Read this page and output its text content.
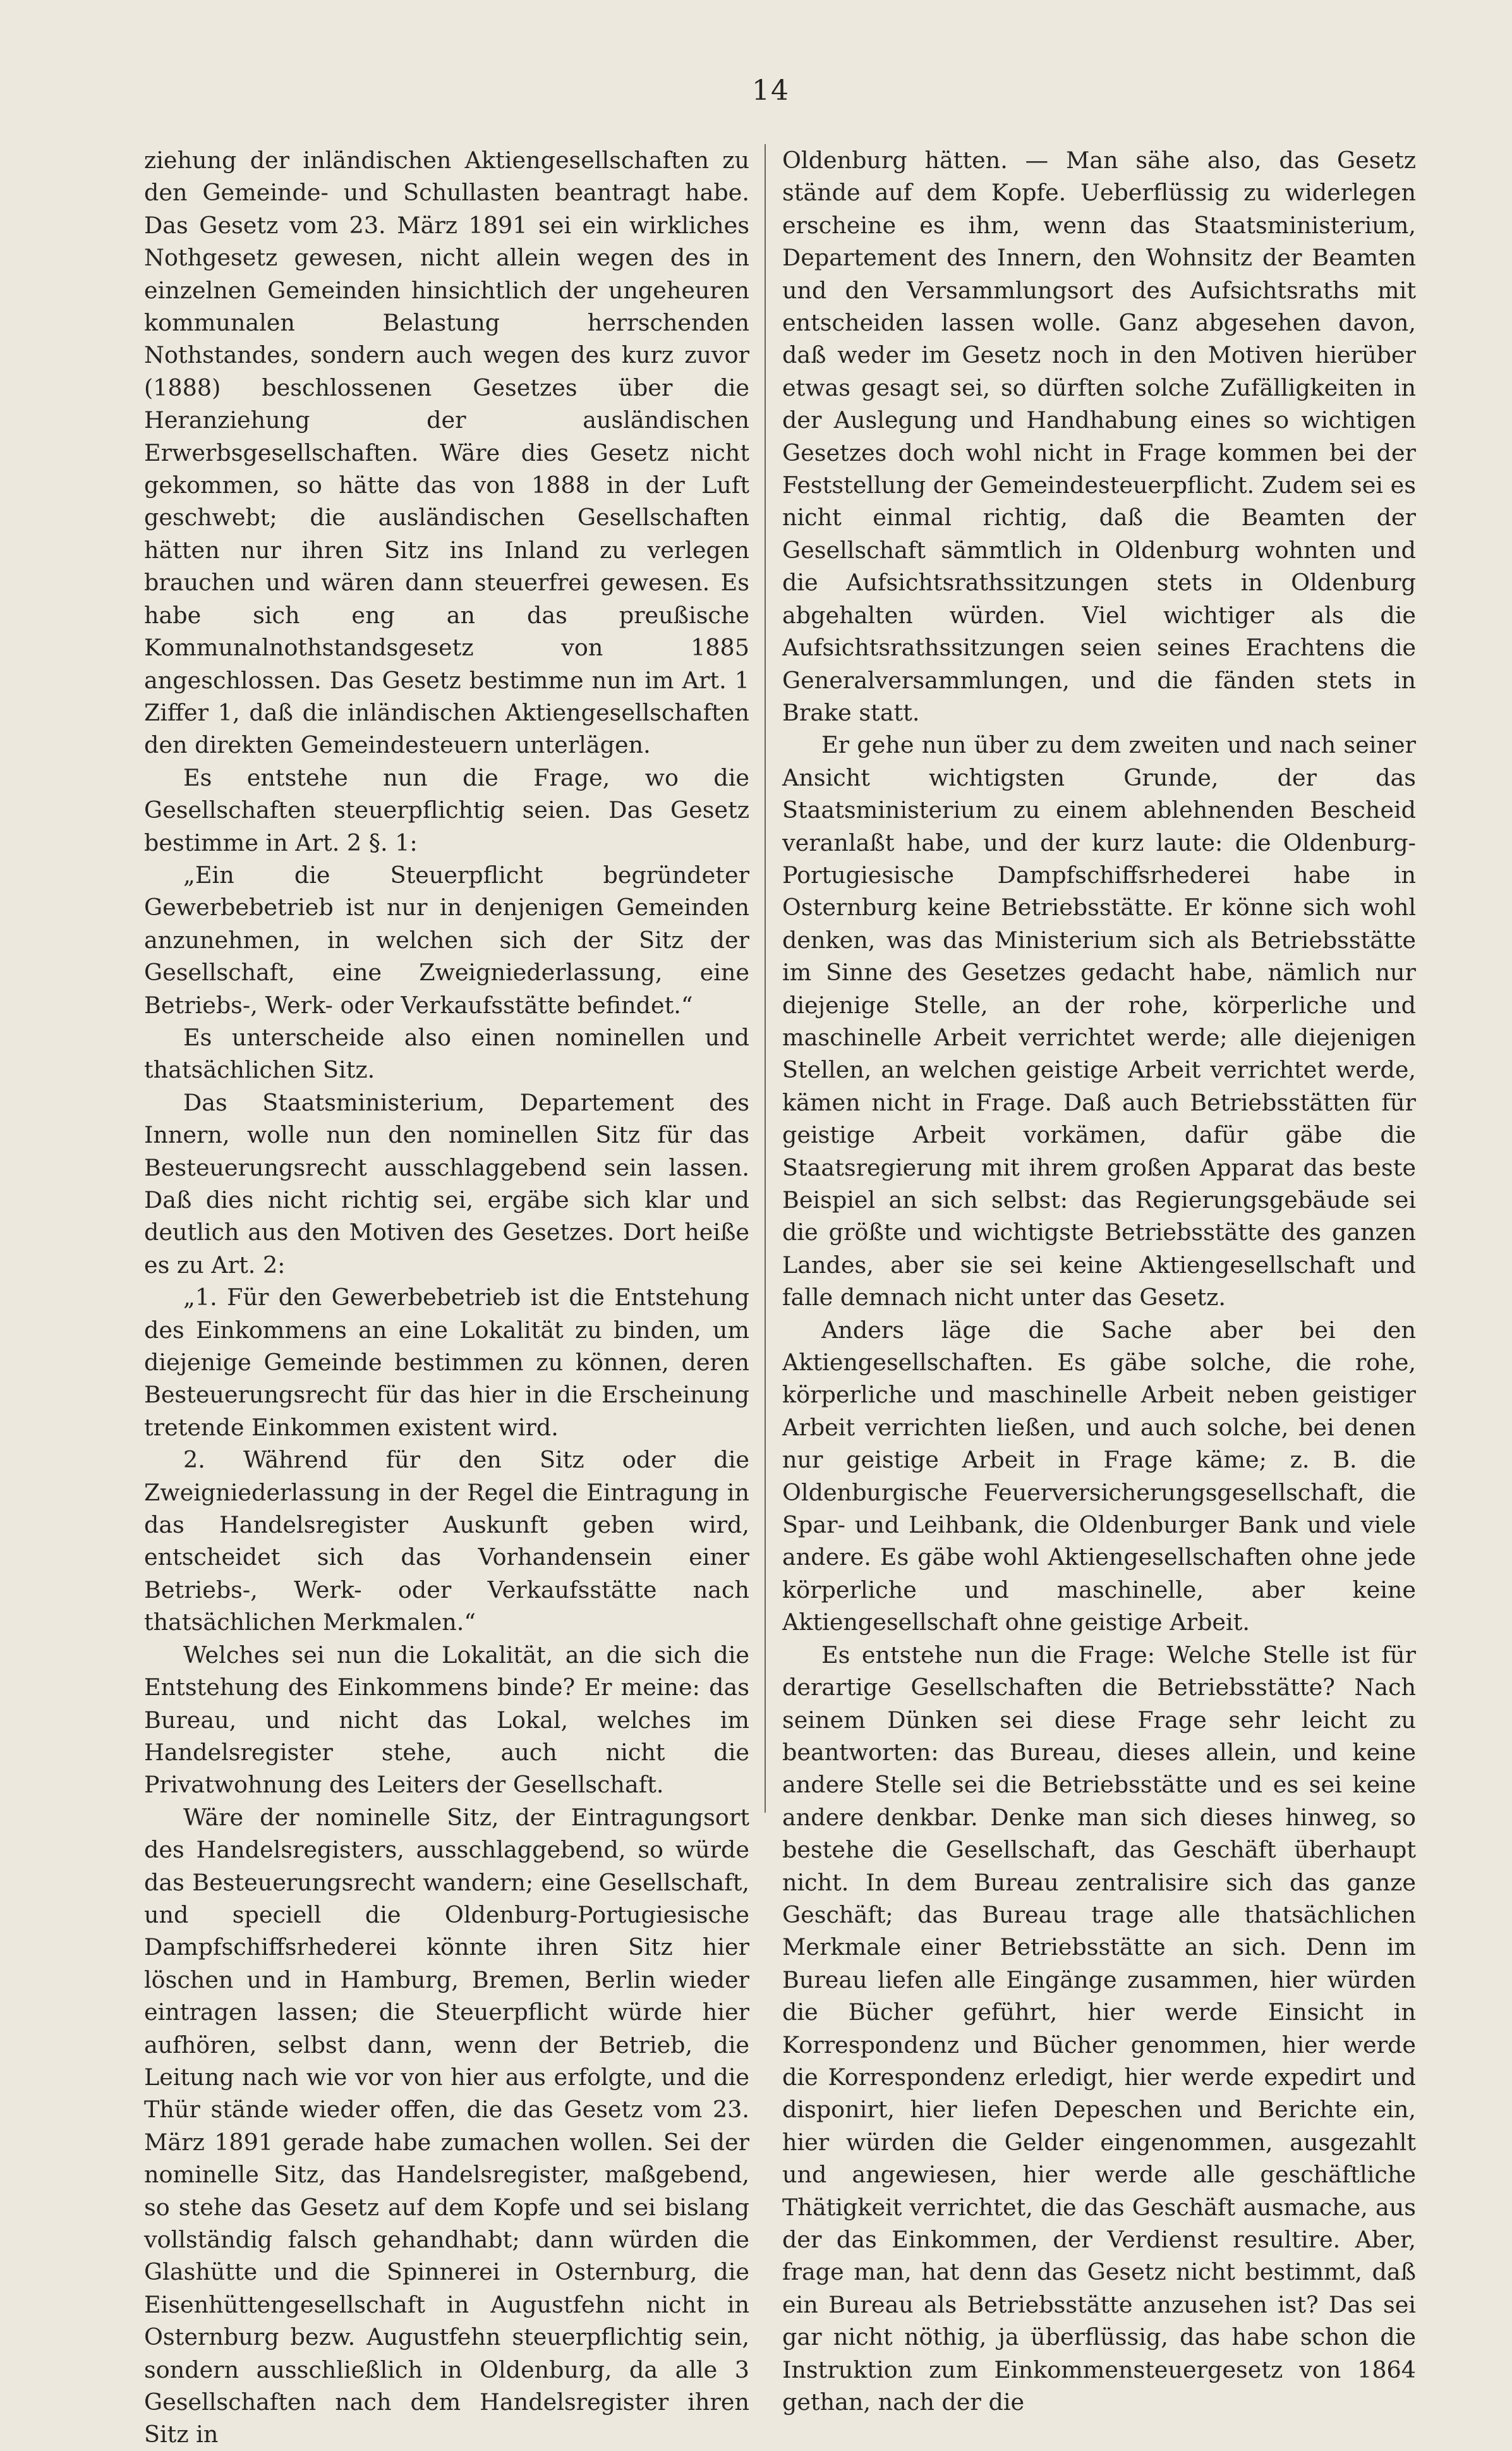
14

ziehung der inländischen Aktiengesellschaften zu den Gemeinde- und Schullasten beantragt habe. Das Gesetz vom 23. März 1891 sei ein wirkliches Nothgesetz gewesen, nicht allein wegen des in einzelnen Gemeinden hinsichtlich der ungeheuren kommunalen Belastung herrschenden Nothstandes, sondern auch wegen des kurz zuvor (1888) beschlossenen Gesetzes über die Heranziehung der ausländischen Erwerbsgesellschaften. Wäre dies Gesetz nicht gekommen, so hätte das von 1888 in der Luft geschwebt; die ausländischen Gesellschaften hätten nur ihren Sitz ins Inland zu verlegen brauchen und wären dann steuerfrei gewesen. Es habe sich eng an das preußische Kommunalnothstandsgesetz von 1885 angeschlossen. Das Gesetz bestimme nun im Art. 1 Ziffer 1, daß die inländischen Aktiengesellschaften den direkten Gemeindesteuern unterlägen.

Es entstehe nun die Frage, wo die Gesellschaften steuerpflichtig seien. Das Gesetz bestimme in Art. 2 §. 1:

„Ein die Steuerpflicht begründeter Gewerbebetrieb ist nur in denjenigen Gemeinden anzunehmen, in welchen sich der Sitz der Gesellschaft, eine Zweigniederlassung, eine Betriebs-, Werk- oder Verkaufsstätte befindet.“

Es unterscheide also einen nominellen und thatsächlichen Sitz.

Das Staatsministerium, Departement des Innern, wolle nun den nominellen Sitz für das Besteuerungsrecht ausschlaggebend sein lassen. Daß dies nicht richtig sei, ergäbe sich klar und deutlich aus den Motiven des Gesetzes. Dort heiße es zu Art. 2:

„1. Für den Gewerbebetrieb ist die Entstehung des Einkommens an eine Lokalität zu binden, um diejenige Gemeinde bestimmen zu können, deren Besteuerungsrecht für das hier in die Erscheinung tretende Einkommen existent wird.

2. Während für den Sitz oder die Zweigniederlassung in der Regel die Eintragung in das Handelsregister Auskunft geben wird, entscheidet sich das Vorhandensein einer Betriebs-, Werk- oder Verkaufsstätte nach thatsächlichen Merkmalen.“

Welches sei nun die Lokalität, an die sich die Entstehung des Einkommens binde? Er meine: das Bureau, und nicht das Lokal, welches im Handelsregister stehe, auch nicht die Privatwohnung des Leiters der Gesellschaft.

Wäre der nominelle Sitz, der Eintragungsort des Handelsregisters, ausschlaggebend, so würde das Besteuerungsrecht wandern; eine Gesellschaft, und speciell die Oldenburg-Portugiesische Dampfschiffsrhederei könnte ihren Sitz hier löschen und in Hamburg, Bremen, Berlin wieder eintragen lassen; die Steuerpflicht würde hier aufhören, selbst dann, wenn der Betrieb, die Leitung nach wie vor von hier aus erfolgte, und die Thür stände wieder offen, die das Gesetz vom 23. März 1891 gerade habe zumachen wollen. Sei der nominelle Sitz, das Handelsregister, maßgebend, so stehe das Gesetz auf dem Kopfe und sei bislang vollständig falsch gehandhabt; dann würden die Glashütte und die Spinnerei in Osternburg, die Eisenhüttengesellschaft in Augustfehn nicht in Osternburg bezw. Augustfehn steuerpflichtig sein, sondern ausschließlich in Oldenburg, da alle 3 Gesellschaften nach dem Handelsregister ihren Sitz in

Oldenburg hätten. — Man sähe also, das Gesetz stände auf dem Kopfe. Ueberflüssig zu widerlegen erscheine es ihm, wenn das Staatsministerium, Departement des Innern, den Wohnsitz der Beamten und den Versammlungsort des Aufsichtsraths mit entscheiden lassen wolle. Ganz abgesehen davon, daß weder im Gesetz noch in den Motiven hierüber etwas gesagt sei, so dürften solche Zufälligkeiten in der Auslegung und Handhabung eines so wichtigen Gesetzes doch wohl nicht in Frage kommen bei der Feststellung der Gemeindesteuerpflicht. Zudem sei es nicht einmal richtig, daß die Beamten der Gesellschaft sämmtlich in Oldenburg wohnten und die Aufsichtsrathssitzungen stets in Oldenburg abgehalten würden. Viel wichtiger als die Aufsichtsrathssitzungen seien seines Erachtens die Generalversammlungen, und die fänden stets in Brake statt.

Er gehe nun über zu dem zweiten und nach seiner Ansicht wichtigsten Grunde, der das Staatsministerium zu einem ablehnenden Bescheid veranlaßt habe, und der kurz laute: die Oldenburg-Portugiesische Dampfschiffsrhederei habe in Osternburg keine Betriebsstätte. Er könne sich wohl denken, was das Ministerium sich als Betriebsstätte im Sinne des Gesetzes gedacht habe, nämlich nur diejenige Stelle, an der rohe, körperliche und maschinelle Arbeit verrichtet werde; alle diejenigen Stellen, an welchen geistige Arbeit verrichtet werde, kämen nicht in Frage. Daß auch Betriebsstätten für geistige Arbeit vorkämen, dafür gäbe die Staatsregierung mit ihrem großen Apparat das beste Beispiel an sich selbst: das Regierungsgebäude sei die größte und wichtigste Betriebsstätte des ganzen Landes, aber sie sei keine Aktiengesellschaft und falle demnach nicht unter das Gesetz.

Anders läge die Sache aber bei den Aktiengesellschaften. Es gäbe solche, die rohe, körperliche und maschinelle Arbeit neben geistiger Arbeit verrichten ließen, und auch solche, bei denen nur geistige Arbeit in Frage käme; z. B. die Oldenburgische Feuerversicherungsgesellschaft, die Spar- und Leihbank, die Oldenburger Bank und viele andere. Es gäbe wohl Aktiengesellschaften ohne jede körperliche und maschinelle, aber keine Aktiengesellschaft ohne geistige Arbeit.

Es entstehe nun die Frage: Welche Stelle ist für derartige Gesellschaften die Betriebsstätte? Nach seinem Dünken sei diese Frage sehr leicht zu beantworten: das Bureau, dieses allein, und keine andere Stelle sei die Betriebsstätte und es sei keine andere denkbar. Denke man sich dieses hinweg, so bestehe die Gesellschaft, das Geschäft überhaupt nicht. In dem Bureau zentralisire sich das ganze Geschäft; das Bureau trage alle thatsächlichen Merkmale einer Betriebsstätte an sich. Denn im Bureau liefen alle Eingänge zusammen, hier würden die Bücher geführt, hier werde Einsicht in Korrespondenz und Bücher genommen, hier werde die Korrespondenz erledigt, hier werde expedirt und disponirt, hier liefen Depeschen und Berichte ein, hier würden die Gelder eingenommen, ausgezahlt und angewiesen, hier werde alle geschäftliche Thätigkeit verrichtet, die das Geschäft ausmache, aus der das Einkommen, der Verdienst resultire. Aber, frage man, hat denn das Gesetz nicht bestimmt, daß ein Bureau als Betriebsstätte anzusehen ist? Das sei gar nicht nöthig, ja überflüssig, das habe schon die Instruktion zum Einkommensteuergesetz von 1864 gethan, nach der die
